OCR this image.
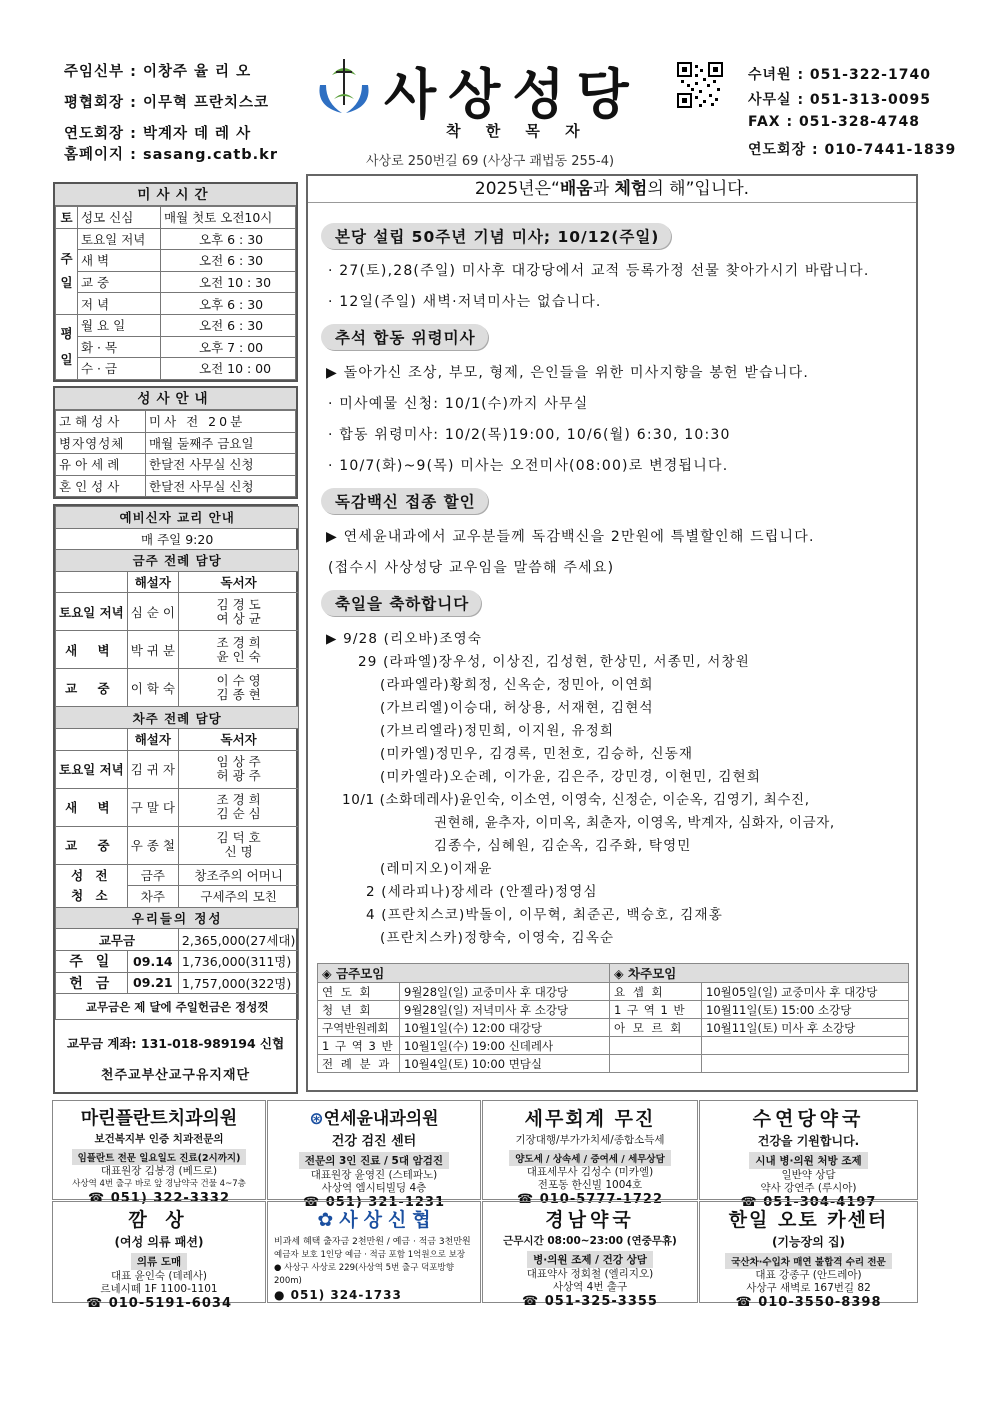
주임신부 : 이창주 율 리 오
평협회장 : 이무혁 프란치스코
연도회장 : 박계자 데 레 사
홈페이지 : sasang.catb.kr
사상성당
착 한 목 자
사상로 250번길 69 (사상구 괘법동 255-4)
수녀원 : 051-322-1740
사무실 : 051-313-0095
FAX : 051-328-4748
연도회장 : 010-7441-1839
미사시간
토	성모 신심	매월 첫토 오전10시
주일	토요일 저녁	오후 6 : 30
	새 벽	오전 6 : 30
	교 중	오전 10 : 30
	저 녁	오후 6 : 30
평일	월 요 일	오전 6 : 30
	화 · 목	오후 7 : 00
	수 · 금	오전 10 : 00
성사안내
고해성사	미사 전 20분
병자영성체	매월 둘째주 금요일
유아세례	한달전 사무실 신청
혼인성사	한달전 사무실 신청
예비신자 교리 안내		
매 주일 9:20		
금주 전례 담당		
	해설자	독서자
토요일 저녁	심 순 이	김 경 도
여 상 균

새 벽	박 귀 분	조 경 희
윤 인 숙

교 중	이 학 숙	이 수 영
김 종 현

차주 전례 담당		
	해설자	독서자
토요일 저녁	김 귀 자	임 상 주
허 광 주

새 벽	구 말 다	조 경 희
김 순 심

교 중	우 종 철	김 덕 호
신 명

성 전
청 소	금주	창조주의 어머니
	차주	구세주의 모친
우리들의 정성		
교무금		2,365,000(27세대)
주 일	09.14	1,736,000(311명)
헌 금	09.21	1,757,000(322명)
교무금은 제 달에 주일헌금은 정성껏		
교무금 계좌: 131-018-989194 신협
천주교부산교구유지재단
2025년은“배움과 체험의 해”입니다.
본당 설립 50주년 기념 미사; 10/12(주일)
· 27(토),28(주일) 미사후 대강당에서 교적 등록가정 선물 찾아가시기 바랍니다.
· 12일(주일) 새벽·저녁미사는 없습니다.
추석 합동 위령미사
▶ 돌아가신 조상, 부모, 형제, 은인들을 위한 미사지향을 봉헌 받습니다.
· 미사예물 신청: 10/1(수)까지 사무실
· 합동 위령미사: 10/2(목)19:00, 10/6(월) 6:30, 10:30
· 10/7(화)~9(목) 미사는 오전미사(08:00)로 변경됩니다.
독감백신 접종 할인
▶ 연세윤내과에서 교우분들께 독감백신을 2만원에 특별할인해 드립니다.
(접수시 사상성당 교우임을 말씀해 주세요)
축일을 축하합니다
▶ 9/28 (리오바)조영숙
29 (라파엘)장우성, 이상진, 김성현, 한상민, 서종민, 서창원
(라파엘라)황희정, 신옥순, 정민아, 이연희
(가브리엘)이승대, 허상용, 서재현, 김현석
(가브리엘라)정민희, 이지원, 유정희
(미카엘)정민우, 김경록, 민천호, 김승하, 신동재
(미카엘라)오순례, 이가윤, 김은주, 강민경, 이현민, 김현희
10/1 (소화데레사)윤인숙, 이소연, 이영숙, 신정순, 이순옥, 김영기, 최수진,
권현해, 윤추자, 이미옥, 최춘자, 이영옥, 박계자, 심화자, 이금자,
김종수, 심혜원, 김순옥, 김주화, 탁영민
(레미지오)이재윤
2 (세라피나)장세라 (안젤라)정영심
4 (프란치스코)박돌이, 이무혁, 최준곤, 백승호, 김재홍
(프란치스카)정향숙, 이영숙, 김옥순
◈ 금주모임		◈ 차주모임	
연 도 회	9월28일(일) 교중미사 후 대강당	요 셉 회	10월05일(일) 교중미사 후 대강당
청 년 회	9월28일(일) 저녁미사 후 소강당	1 구 역 1 반	10월11일(토) 15:00 소강당
구역반원레회	10월1일(수) 12:00 대강당	아 모 르 회	10월11일(토) 미사 후 소강당
1 구 역 3 반	10월1일(수) 19:00 신데레사		
전 례 분 과	10월4일(토) 10:00 면담실		
마린플란트치과의원
보건복지부 인증 치과전문의
임플란트 전문 일요일도 진료(2시까지)
대표원장 김봉경 (베드로)
사상역 4번 출구 바로 앞 경남약국 건물 4~7층
☎ 051) 322-3332
⊛연세윤내과의원
건강 검진 센터
전문의 3인 진료 / 5대 암검진
대표원장 윤영진 (스테파노)
사상역 엠시티빌딩 4층
☎ 051) 321-1231
세무회계 무진
기장대행/부가가치세/종합소득세
양도세 / 상속세 / 증여세 / 세무상담
대표세무사 김성수 (미카엘)
전포동 한신빌 1004호
☎ 010-5777-1722
수연당약국
건강을 기원합니다.
시내 병·의원 처방 조제
일반약 상담
약사 강연주 (루시아)
☎ 051-304-4197
깜 상
(여성 의류 패션)
의류 도매
대표 윤인숙 (데레사)
르네시떼 1F 1100-1101
☎ 010-5191-6034
✿사상신협
비과세 혜택 출자금 2천만원 / 예금 · 적금 3천만원
예금자 보호 1인당 예금 · 적금 포함 1억원으로 보장
● 사상구 사상로 229(사상역 5번 출구 덕포방향 200m)
● 051) 324-1733
경남약국
근무시간 08:00~23:00 (연중무휴)
병·의원 조제 / 건강 상담
대표약사 정회철 (엘리지오)
사상역 4번 출구
☎ 051-325-3355
한일 오토 카센터
(기능장의 집)
국산차·수입차 매연 불합격 수리 전문
대표 강종구 (안드레아)
사상구 새벽로 167번길 82
☎ 010-3550-8398
